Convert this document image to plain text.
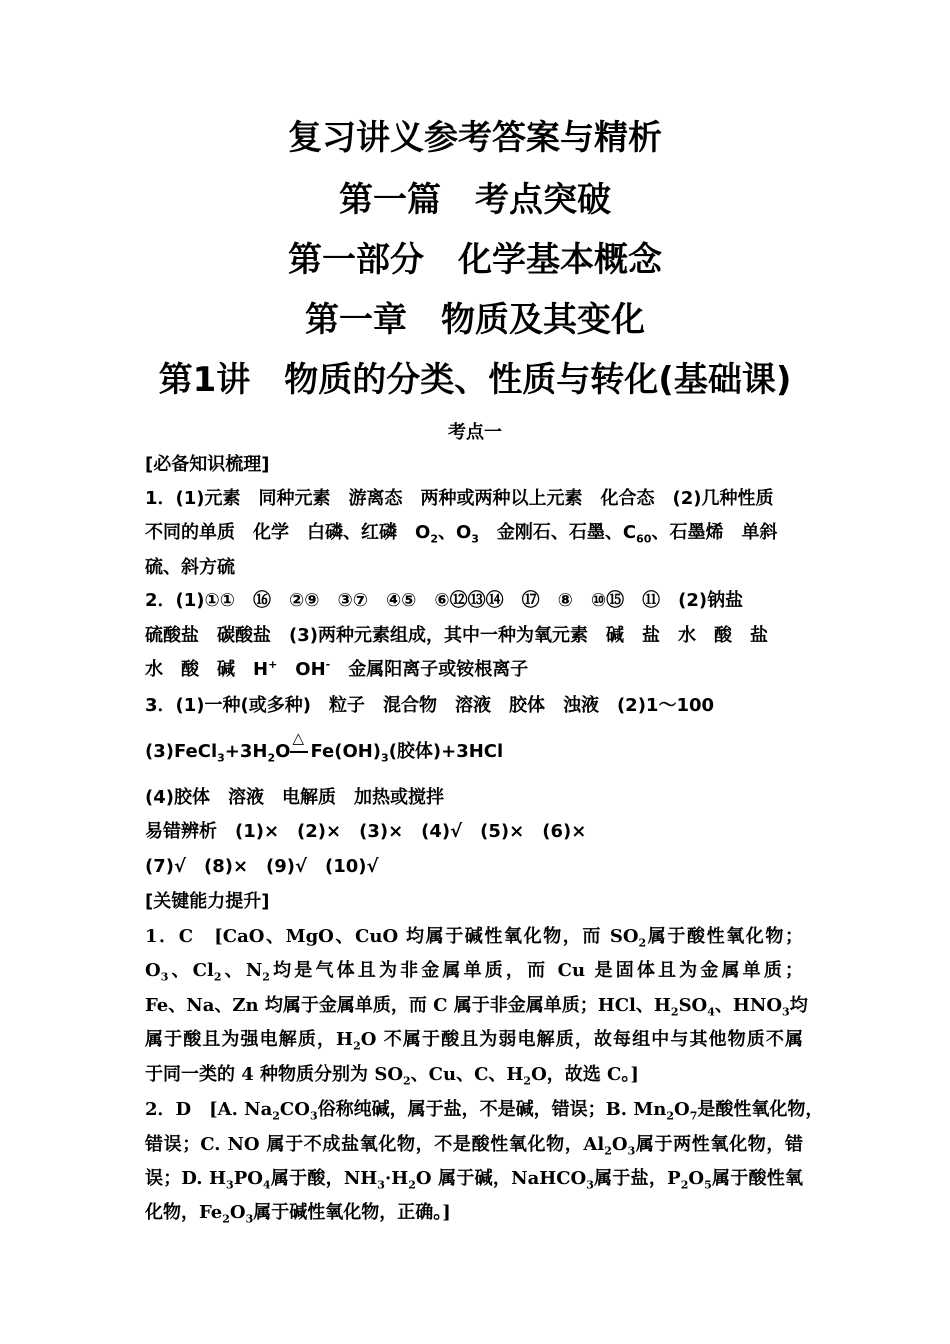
复习讲义参考答案与精析
第一篇　考点突破
第一部分　化学基本概念
第一章　物质及其变化
第1讲　物质的分类、性质与转化(基础课)
考点一
[必备知识梳理]
1．(1)元素　同种元素　游离态　两种或两种以上元素　化合态　(2)几种性质
不同的单质　化学　白磷、红磷　$O_2$、$O_3$　金刚石、石墨、$C_{60}$、石墨烯　单斜
硫、斜方硫
2．(1)①①　⑯　②⑨　③⑦　④⑤　⑥⑫⑬⑭　⑰　⑧　⑩⑮　⑪　(2)钠盐
硫酸盐　碳酸盐　(3)两种元素组成，其中一种为氧元素　碱　盐　水　酸　盐
水　酸　碱　H+　OH-　金属阳离子或铵根离子
3．(1)一种(或多种)　粒子　混合物　溶液　胶体　浊液　(2)1～100
$(3)FeCl_3+3H_2O$
△
$Fe(OH)_3$(胶体)+3HCl
(4)胶体　溶液　电解质　加热或搅拌
易错辨析　(1)×　(2)×　(3)×　(4)√　(5)×　(6)×
(7)√　(8)×　(9)√　(10)√
[关键能力提升]
1．C　[CaO、MgO、CuO 均属于碱性氧化物，而 $SO_2$属于酸性氧化物；
$O_3$、$Cl_2$、$N_2$均是气体且为非金属单质，而 Cu 是固体且为金属单质；
Fe、Na、Zn 均属于金属单质，而 C 属于非金属单质；HCl、$H_2SO_4$、$HNO_3$均
属于酸且为强电解质，$H_2O$ 不属于酸且为弱电解质，故每组中与其他物质不属
于同一类的 4 种物质分别为 $SO_2$、Cu、C、$H_2O$，故选 C。]
2．D　[A. $Na_2CO_3$俗称纯碱，属于盐，不是碱，错误；B. $Mn_2O_7$是酸性氧化物，
错误；C. NO 属于不成盐氧化物，不是酸性氧化物，$Al_2O_3$属于两性氧化物，错
误；D. $H_3PO_4$属于酸，$NH_3\cdot H_2O$ 属于碱，NaHCO$_3$属于盐，$P_2O_5$属于酸性氧
化物，$Fe_2O_3$属于碱性氧化物，正确。]
